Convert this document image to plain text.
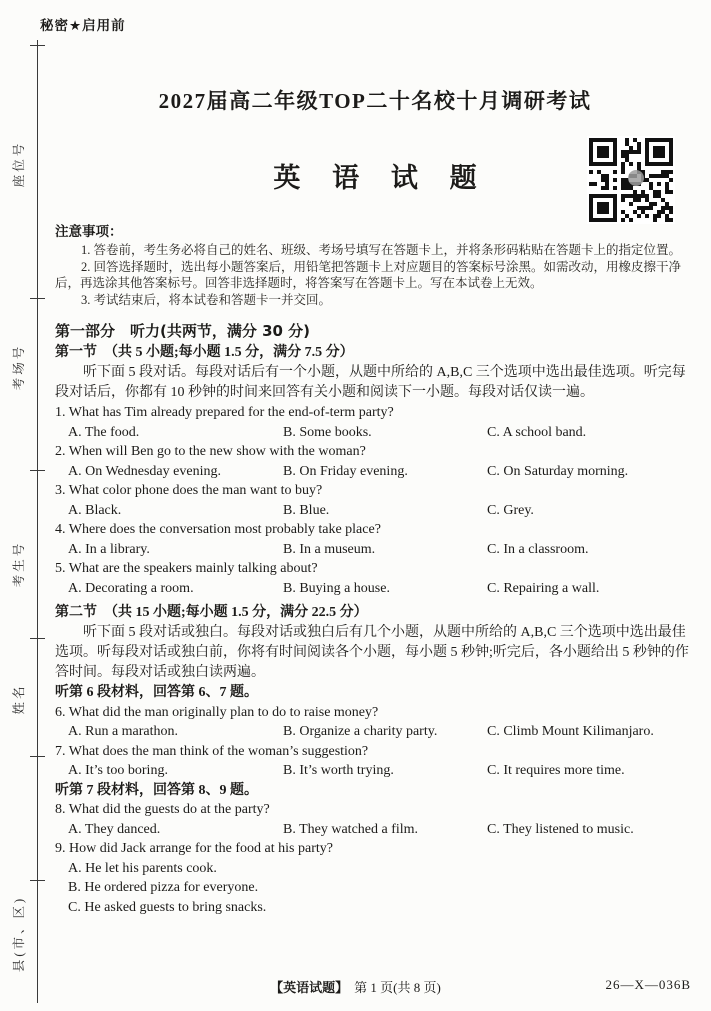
座位号
考场号
考生号
姓名
县(市、区)
秘密★启用前
2027届高二年级TOP二十名校十月调研考试
英 语 试 题
注意事项：

1. 答卷前，考生务必将自己的姓名、班级、考场号填写在答题卡上，并将条形码粘贴在答题卡上的指定位置。

2. 回答选择题时，选出每小题答案后，用铅笔把答题卡上对应题目的答案标号涂黑。如需改动，用橡皮擦干净后，再选涂其他答案标号。回答非选择题时，将答案写在答题卡上。写在本试卷上无效。

3. 考试结束后，将本试卷和答题卡一并交回。

第一部分　听力(共两节，满分 30 分)
第一节　（共 5 小题;每小题 1.5 分，满分 7.5 分）

听下面 5 段对话。每段对话后有一个小题，从题中所给的 A,B,C 三个选项中选出最佳选项。听完每段对话后，你都有 10 秒钟的时间来回答有关小题和阅读下一小题。每段对话仅读一遍。

1. What has Tim already prepared for the end-of-term party?
A. The food.	B. Some books.	C. A school band.
2. When will Ben go to the new show with the woman?
A. On Wednesday evening.	B. On Friday evening.	C. On Saturday morning.
3. What color phone does the man want to buy?
A. Black.	B. Blue.	C. Grey.
4. Where does the conversation most probably take place?
A. In a library.	B. In a museum.	C. In a classroom.
5. What are the speakers mainly talking about?
A. Decorating a room.	B. Buying a house.	C. Repairing a wall.
第二节　（共 15 小题;每小题 1.5 分，满分 22.5 分）

听下面 5 段对话或独白。每段对话或独白后有几个小题，从题中所给的 A,B,C 三个选项中选出最佳选项。听每段对话或独白前，你将有时间阅读各个小题，每小题 5 秒钟;听完后，各小题给出 5 秒钟的作答时间。每段对话或独白读两遍。

听第 6 段材料，回答第 6、7 题。
6. What did the man originally plan to do to raise money?
A. Run a marathon.	B. Organize a charity party.	C. Climb Mount Kilimanjaro.
7. What does the man think of the woman’s suggestion?
A. It’s too boring.	B. It’s worth trying.	C. It requires more time.
听第 7 段材料，回答第 8、9 题。
8. What did the guests do at the party?
A. They danced.	B. They watched a film.	C. They listened to music.
9. How did Jack arrange for the food at his party?
A. He let his parents cook.
B. He ordered pizza for everyone.
C. He asked guests to bring snacks.
【英语试题】 第 1 页(共 8 页)	26—X—036B
